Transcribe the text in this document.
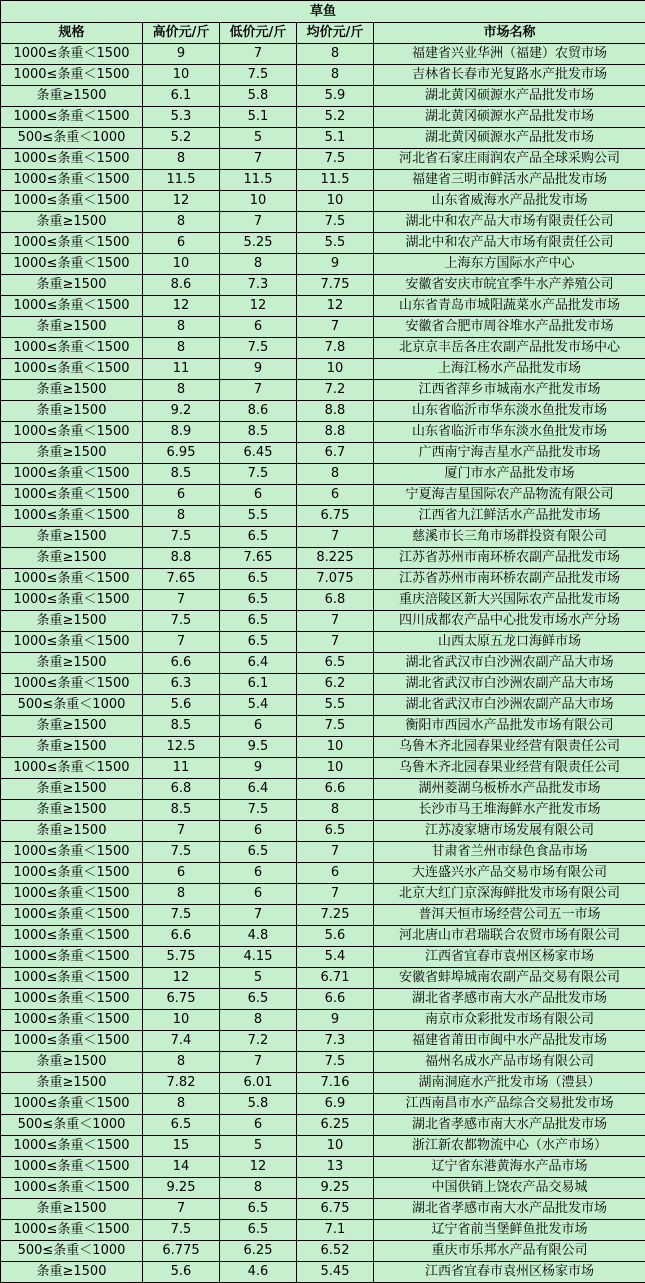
草鱼				
规格	高价元/斤	低价元/斤	均价元/斤	市场名称
1000≤条重＜1500	9	7	8	福建省兴业华洲（福建）农贸市场
1000≤条重＜1500	10	7.5	8	吉林省长春市光复路水产批发市场
条重≥1500	6.1	5.8	5.9	湖北黄冈硕源水产品批发市场
1000≤条重＜1500	5.3	5.1	5.2	湖北黄冈硕源水产品批发市场
500≤条重＜1000	5.2	5	5.1	湖北黄冈硕源水产品批发市场
1000≤条重＜1500	8	7	7.5	河北省石家庄雨润农产品全球采购公司
1000≤条重＜1500	11.5	11.5	11.5	福建省三明市鲜活水产品批发市场
1000≤条重＜1500	12	10	10	山东省威海水产品批发市场
条重≥1500	8	7	7.5	湖北中和农产品大市场有限责任公司
1000≤条重＜1500	6	5.25	5.5	湖北中和农产品大市场有限责任公司
1000≤条重＜1500	10	8	9	上海东方国际水产中心
条重≥1500	8.6	7.3	7.75	安徽省安庆市皖宜季牛水产养殖公司
1000≤条重＜1500	12	12	12	山东省青岛市城阳蔬菜水产品批发市场
条重≥1500	8	6	7	安徽省合肥市周谷堆水产品批发市场
1000≤条重＜1500	8	7.5	7.8	北京京丰岳各庄农副产品批发市场中心
1000≤条重＜1500	11	9	10	上海江杨水产品批发市场
条重≥1500	8	7	7.2	江西省萍乡市城南水产批发市场
条重≥1500	9.2	8.6	8.8	山东省临沂市华东淡水鱼批发市场
1000≤条重＜1500	8.9	8.5	8.8	山东省临沂市华东淡水鱼批发市场
条重≥1500	6.95	6.45	6.7	广西南宁海吉星水产品批发市场
1000≤条重＜1500	8.5	7.5	8	厦门市水产品批发市场
1000≤条重＜1500	6	6	6	宁夏海吉星国际农产品物流有限公司
1000≤条重＜1500	8	5.5	6.75	江西省九江鲜活水产品批发市场
条重≥1500	7.5	6.5	7	慈溪市长三角市场群投资有限公司
条重≥1500	8.8	7.65	8.225	江苏省苏州市南环桥农副产品批发市场
1000≤条重＜1500	7.65	6.5	7.075	江苏省苏州市南环桥农副产品批发市场
1000≤条重＜1500	7	6.5	6.8	重庆涪陵区新大兴国际农产品批发市场
条重≥1500	7.5	6.5	7	四川成都农产品中心批发市场水产分场
1000≤条重＜1500	7	6.5	7	山西太原五龙口海鲜市场
条重≥1500	6.6	6.4	6.5	湖北省武汉市白沙洲农副产品大市场
1000≤条重＜1500	6.3	6.1	6.2	湖北省武汉市白沙洲农副产品大市场
500≤条重＜1000	5.6	5.4	5.5	湖北省武汉市白沙洲农副产品大市场
条重≥1500	8.5	6	7.5	衡阳市西园水产品批发市场有限公司
条重≥1500	12.5	9.5	10	乌鲁木齐北园春果业经营有限责任公司
1000≤条重＜1500	11	9	10	乌鲁木齐北园春果业经营有限责任公司
条重≥1500	6.8	6.4	6.6	湖州菱湖乌板桥水产品批发市场
条重≥1500	8.5	7.5	8	长沙市马王堆海鲜水产批发市场
条重≥1500	7	6	6.5	江苏凌家塘市场发展有限公司
1000≤条重＜1500	7.5	6.5	7	甘肃省兰州市绿色食品市场
1000≤条重＜1500	6	6	6	大连盛兴水产品交易市场有限公司
1000≤条重＜1500	8	6	7	北京大红门京深海鲜批发市场有限公司
1000≤条重＜1500	7.5	7	7.25	普洱天恒市场经营公司五一市场
1000≤条重＜1500	6.6	4.8	5.6	河北唐山市君瑞联合农贸市场有限公司
1000≤条重＜1500	5.75	4.15	5.4	江西省宜春市袁州区杨家市场
1000≤条重＜1500	12	5	6.71	安徽省蚌埠城南农副产品交易有限公司
1000≤条重＜1500	6.75	6.5	6.6	湖北省孝感市南大水产品批发市场
1000≤条重＜1500	10	8	9	南京市众彩批发市场有限公司
1000≤条重＜1500	7.4	7.2	7.3	福建省莆田市闽中水产品批发市场
条重≥1500	8	7	7.5	福州名成水产品市场有限公司
条重≥1500	7.82	6.01	7.16	湖南洞庭水产批发市场（澧县）
1000≤条重＜1500	8	5.8	6.9	江西南昌市水产品综合交易批发市场
500≤条重＜1000	6.5	6	6.25	湖北省孝感市南大水产品批发市场
1000≤条重＜1500	15	5	10	浙江新农都物流中心（水产市场）
1000≤条重＜1500	14	12	13	辽宁省东港黄海水产品市场
1000≤条重＜1500	9.25	8	9.25	中国供销上饶农产品交易城
条重≥1500	7	6.5	6.75	湖北省孝感市南大水产品批发市场
1000≤条重＜1500	7.5	6.5	7.1	辽宁省前当堡鲜鱼批发市场
500≤条重＜1000	6.775	6.25	6.52	重庆市乐邦水产品有限公司
条重≥1500	5.6	4.6	5.45	江西省宜春市袁州区杨家市场
